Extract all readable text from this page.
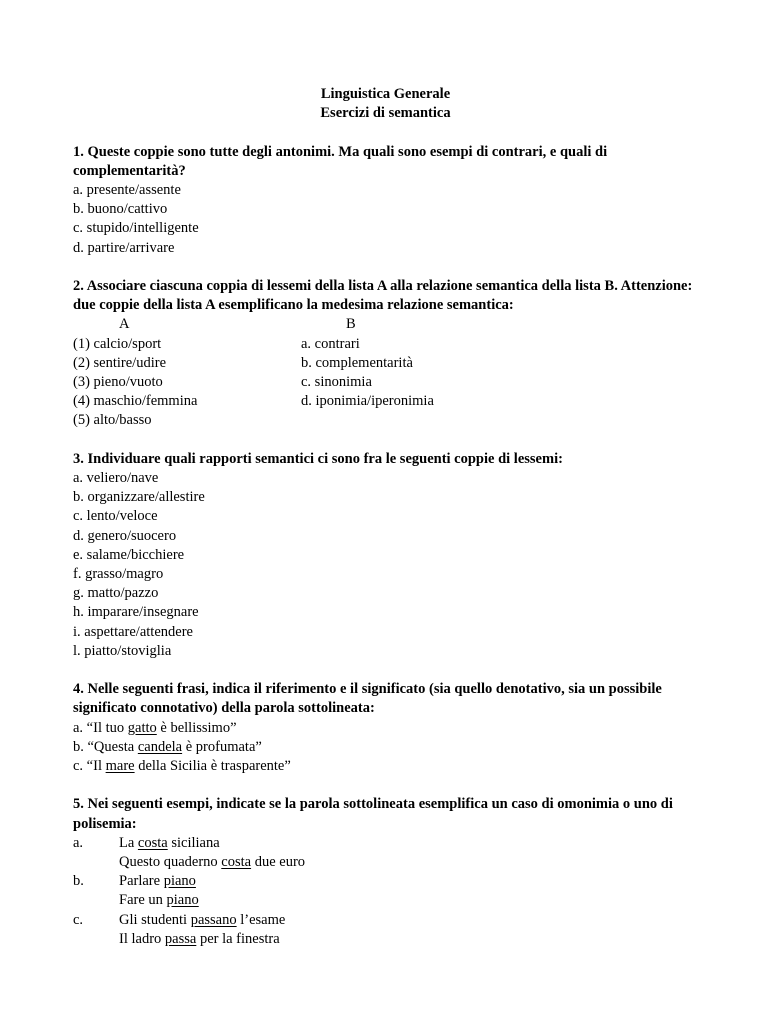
Linguistica Generale
Esercizi di semantica
1. Queste coppie sono tutte degli antonimi. Ma quali sono esempi di contrari, e quali di complementarità?
a. presente/assente
b. buono/cattivo
c. stupido/intelligente
d. partire/arrivare
2. Associare ciascuna coppia di lessemi della lista A alla relazione semantica della lista B. Attenzione: due coppie della lista A esemplificano la medesima relazione semantica:
A	B
(1) calcio/sport	a. contrari
(2) sentire/udire	b. complementarità
(3) pieno/vuoto	c. sinonimia
(4) maschio/femmina	d. iponimia/iperonimia
(5) alto/basso
3. Individuare quali rapporti semantici ci sono fra le seguenti coppie di lessemi:
a. veliero/nave
b. organizzare/allestire
c. lento/veloce
d. genero/suocero
e. salame/bicchiere
f. grasso/magro
g. matto/pazzo
h. imparare/insegnare
i. aspettare/attendere
l. piatto/stoviglia
4. Nelle seguenti frasi, indica il riferimento e il significato (sia quello denotativo, sia un possibile significato connotativo) della parola sottolineata:
a. “Il tuo gatto è bellissimo”
b. “Questa candela è profumata”
c. “Il mare della Sicilia è trasparente”
5. Nei seguenti esempi, indicate se la parola sottolineata esemplifica un caso di omonimia o uno di polisemia:
a. La costa siciliana
Questo quaderno costa due euro
b. Parlare piano
Fare un piano
c. Gli studenti passano l’esame
Il ladro passa per la finestra
